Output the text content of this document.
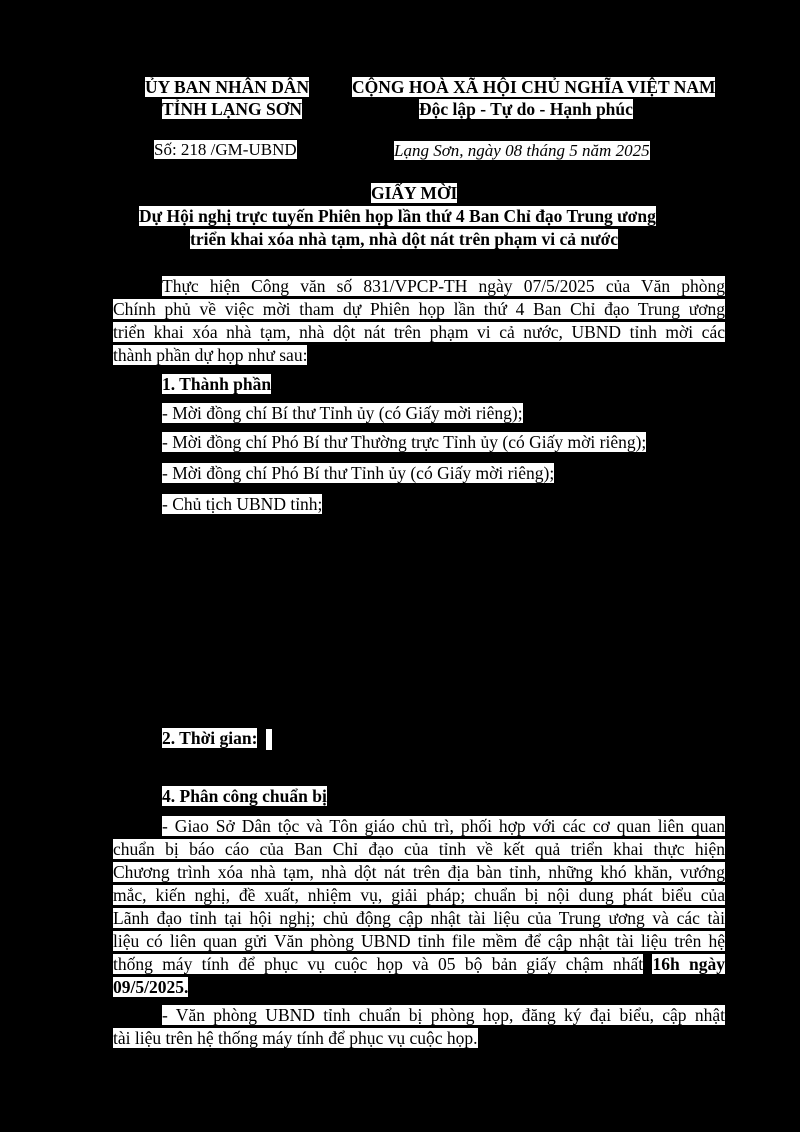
ỦY BAN NHÂN DÂN
TỈNH LẠNG SƠN
CỘNG HOÀ XÃ HỘI CHỦ NGHĨA VIỆT NAM
Độc lập - Tự do - Hạnh phúc
Số: 218 /GM-UBND	Lạng Sơn, ngày 08 tháng 5 năm 2025
GIẤY MỜI
Dự Hội nghị trực tuyến Phiên họp lần thứ 4 Ban Chỉ đạo Trung ương
triển khai xóa nhà tạm, nhà dột nát trên phạm vi cả nước
Thực hiện Công văn số 831/VPCP-TH ngày 07/5/2025 của Văn phòng
Chính phủ về việc mời tham dự Phiên họp lần thứ 4 Ban Chỉ đạo Trung ương
triển khai xóa nhà tạm, nhà dột nát trên phạm vi cả nước, UBND tỉnh mời các
thành phần dự họp như sau:
1. Thành phần
- Mời đồng chí Bí thư Tỉnh ủy (có Giấy mời riêng);
- Mời đồng chí Phó Bí thư Thường trực Tỉnh ủy (có Giấy mời riêng);
- Mời đồng chí Phó Bí thư Tỉnh ủy (có Giấy mời riêng);
- Chủ tịch UBND tỉnh;
2. Thời gian:
4. Phân công chuẩn bị
- Giao Sở Dân tộc và Tôn giáo chủ trì, phối hợp với các cơ quan liên quan
chuẩn bị báo cáo của Ban Chỉ đạo của tỉnh về kết quả triển khai thực hiện
Chương trình xóa nhà tạm, nhà dột nát trên địa bàn tỉnh, những khó khăn, vướng
mắc, kiến nghị, đề xuất, nhiệm vụ, giải pháp; chuẩn bị nội dung phát biểu của
Lãnh đạo tỉnh tại hội nghị; chủ động cập nhật tài liệu của Trung ương và các tài
liệu có liên quan gửi Văn phòng UBND tỉnh file mềm để cập nhật tài liệu trên hệ
thống máy tính để phục vụ cuộc họp và 05 bộ bản giấy chậm nhất 16h ngày
09/5/2025.
- Văn phòng UBND tỉnh chuẩn bị phòng họp, đăng ký đại biểu, cập nhật
tài liệu trên hệ thống máy tính để phục vụ cuộc họp.
